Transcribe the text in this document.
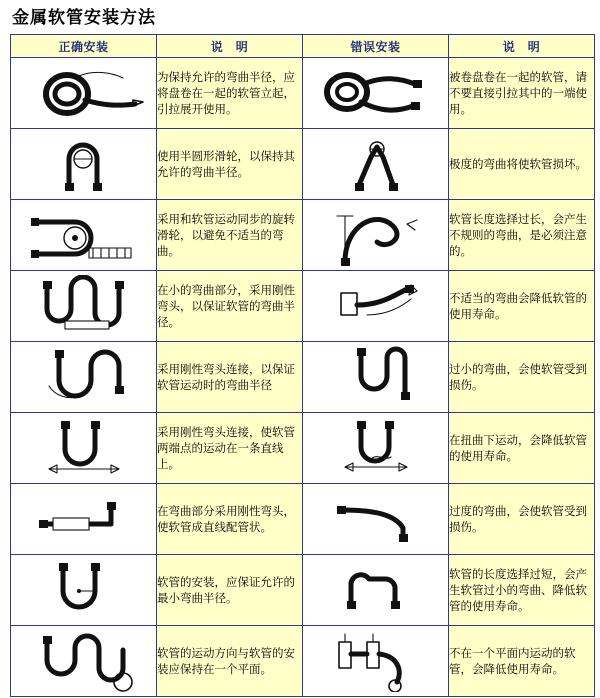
金属软管安装方法
正确安装	说　明	错误安装	说　明

	为保持允许的弯曲半径，应将盘卷在一起的软管立起，引拉展开使用。		被卷盘卷在一起的软管，请不要直接引拉其中的一端使用。

	使用半圆形滑轮，以保持其允许的弯曲半径。		极度的弯曲将使软管损坏。

	采用和软管运动同步的旋转滑轮，以避免不适当的弯曲。		软管长度选择过长，会产生不规则的弯曲，是必须注意的。

	在小的弯曲部分，采用刚性弯头，以保证软管的弯曲半径。		不适当的弯曲会降低软管的使用寿命。

	采用刚性弯头连接，以保证软管运动时的弯曲半径		过小的弯曲，会使软管受到损伤。

	采用刚性弯头连接，使软管两端点的运动在一条直线上。		在扭曲下运动，会降低软管的使用寿命。

	在弯曲部分采用刚性弯头，使软管成直线配管状。		过度的弯曲，会使软管受到损伤。

	软管的安装，应保证允许的最小弯曲半径。		软管的长度选择过短，会产生软管过小的弯曲、降低软管的使用寿命。

	软管的运动方向与软管的安装应保持在一个平面。		不在一个平面内运动的软管，会降低使用寿命。
